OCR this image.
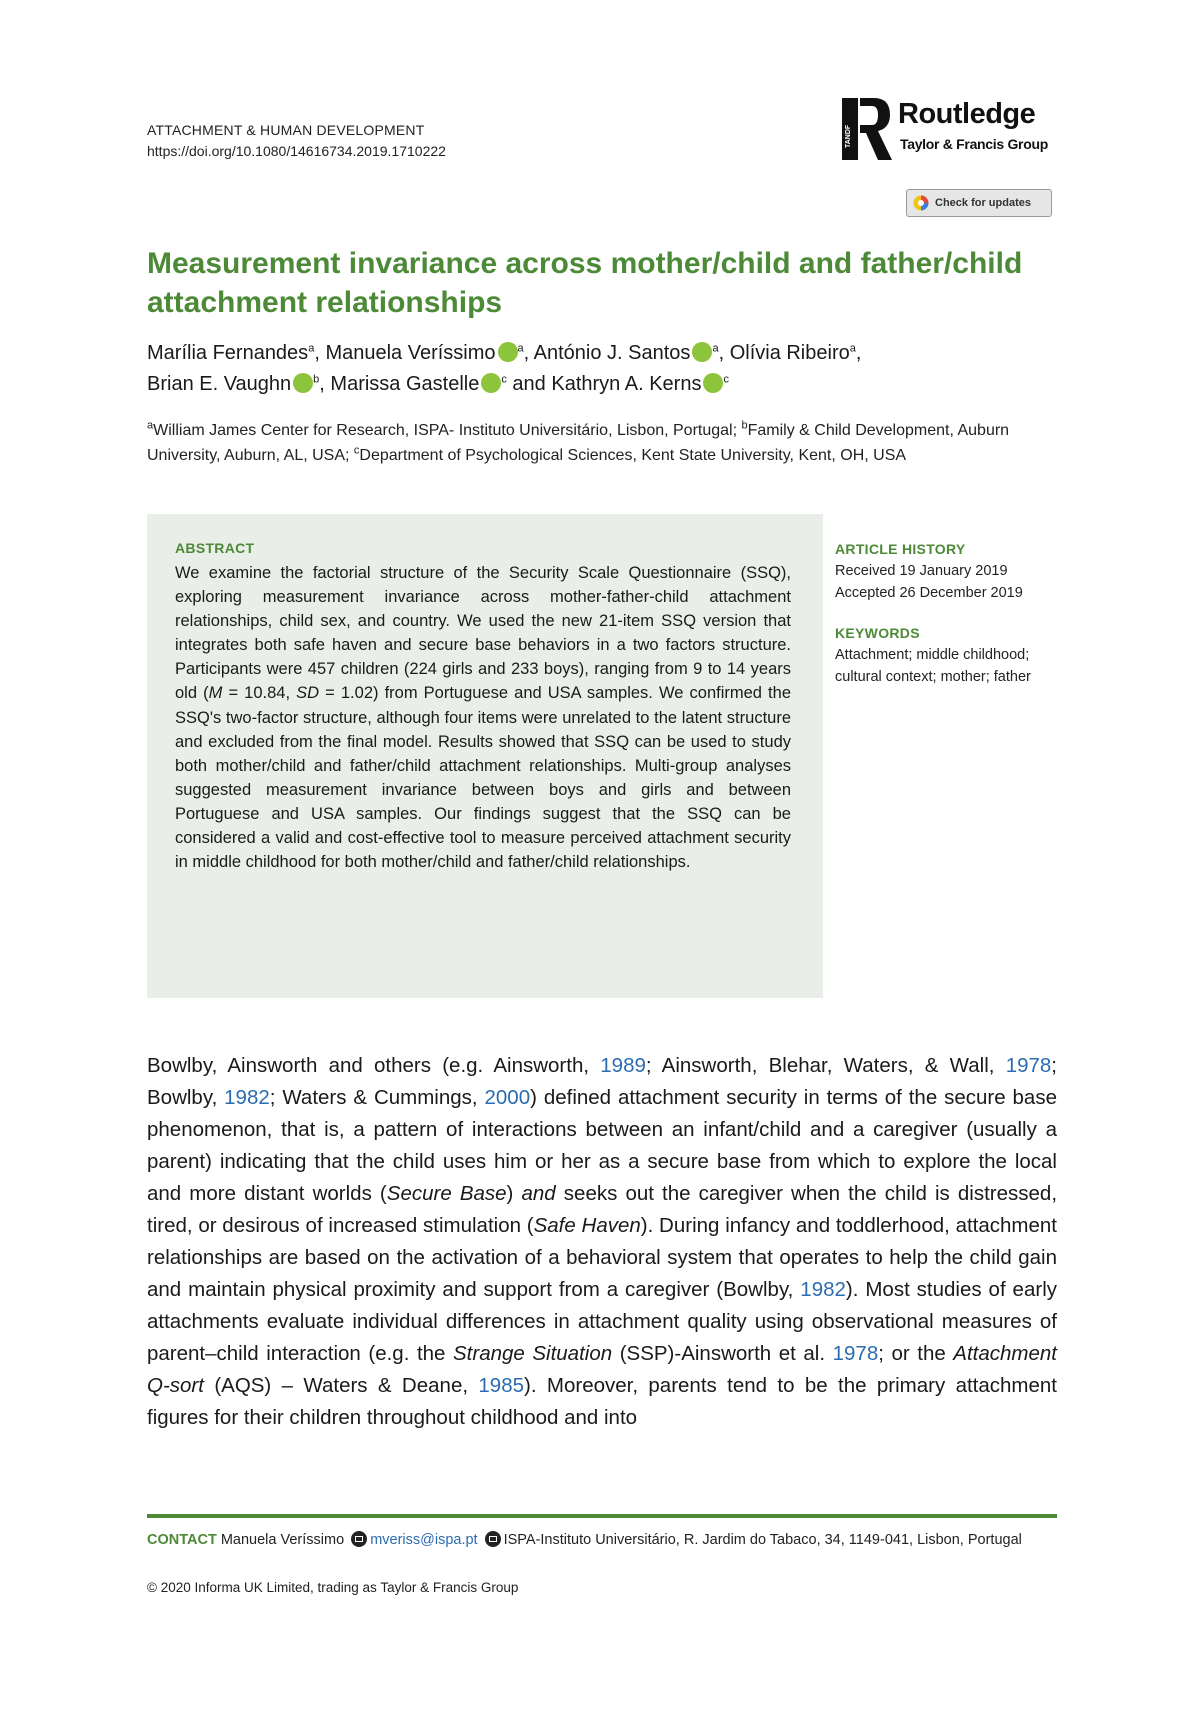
ATTACHMENT & HUMAN DEVELOPMENT
https://doi.org/10.1080/14616734.2019.1710222
TANDF
Routledge
Taylor & Francis Group
Check for updates
Measurement invariance across mother/child and father/child attachment relationships
Marília Fernandes$^a$, Manuela Veríssimo $^a$, António J. Santos $^a$, Olívia Ribeiro$^a$,
Brian E. Vaughn $^b$, Marissa Gastelle $^c$ and Kathryn A. Kerns $^c$
$^a$William James Center for Research, ISPA- Instituto Universitário, Lisbon, Portugal; $^b$Family & Child Development, Auburn University, Auburn, AL, USA; $^c$Department of Psychological Sciences, Kent State University, Kent, OH, USA
ABSTRACT

We examine the factorial structure of the Security Scale Questionnaire (SSQ), exploring measurement invariance across mother-father-child attachment relationships, child sex, and country. We used the new 21-item SSQ version that integrates both safe haven and secure base behaviors in a two factors structure. Participants were 457 children (224 girls and 233 boys), ranging from 9 to 14 years old (M = 10.84, SD = 1.02) from Portuguese and USA samples. We confirmed the SSQ's two-factor structure, although four items were unrelated to the latent structure and excluded from the final model. Results showed that SSQ can be used to study both mother/child and father/child attachment relationships. Multi-group analyses suggested measurement invariance between boys and girls and between Portuguese and USA samples. Our findings suggest that the SSQ can be considered a valid and cost-effective tool to measure perceived attachment security in middle childhood for both mother/child and father/child relationships.

ARTICLE HISTORY
Received 19 January 2019
Accepted 26 December 2019
KEYWORDS
Attachment; middle childhood; cultural context; mother; father

Bowlby, Ainsworth and others (e.g. Ainsworth, 1989; Ainsworth, Blehar, Waters, & Wall, 1978; Bowlby, 1982; Waters & Cummings, 2000) defined attachment security in terms of the secure base phenomenon, that is, a pattern of interactions between an infant/child and a caregiver (usually a parent) indicating that the child uses him or her as a secure base from which to explore the local and more distant worlds (Secure Base) and seeks out the caregiver when the child is distressed, tired, or desirous of increased stimulation (Safe Haven). During infancy and toddlerhood, attachment relationships are based on the activation of a behavioral system that operates to help the child gain and maintain physical proximity and support from a caregiver (Bowlby, 1982). Most studies of early attachments evaluate individual differences in attachment quality using observational measures of parent–child interaction (e.g. the Strange Situation (SSP)-Ainsworth et al. 1978; or the Attachment Q-sort (AQS) – Waters & Deane, 1985). Moreover, parents tend to be the primary attachment figures for their children throughout childhood and into

CONTACT Manuela Veríssimo mveriss@ispa.pt ISPA-Instituto Universitário, R. Jardim do Tabaco, 34, 1149-041, Lisbon, Portugal
© 2020 Informa UK Limited, trading as Taylor & Francis Group
